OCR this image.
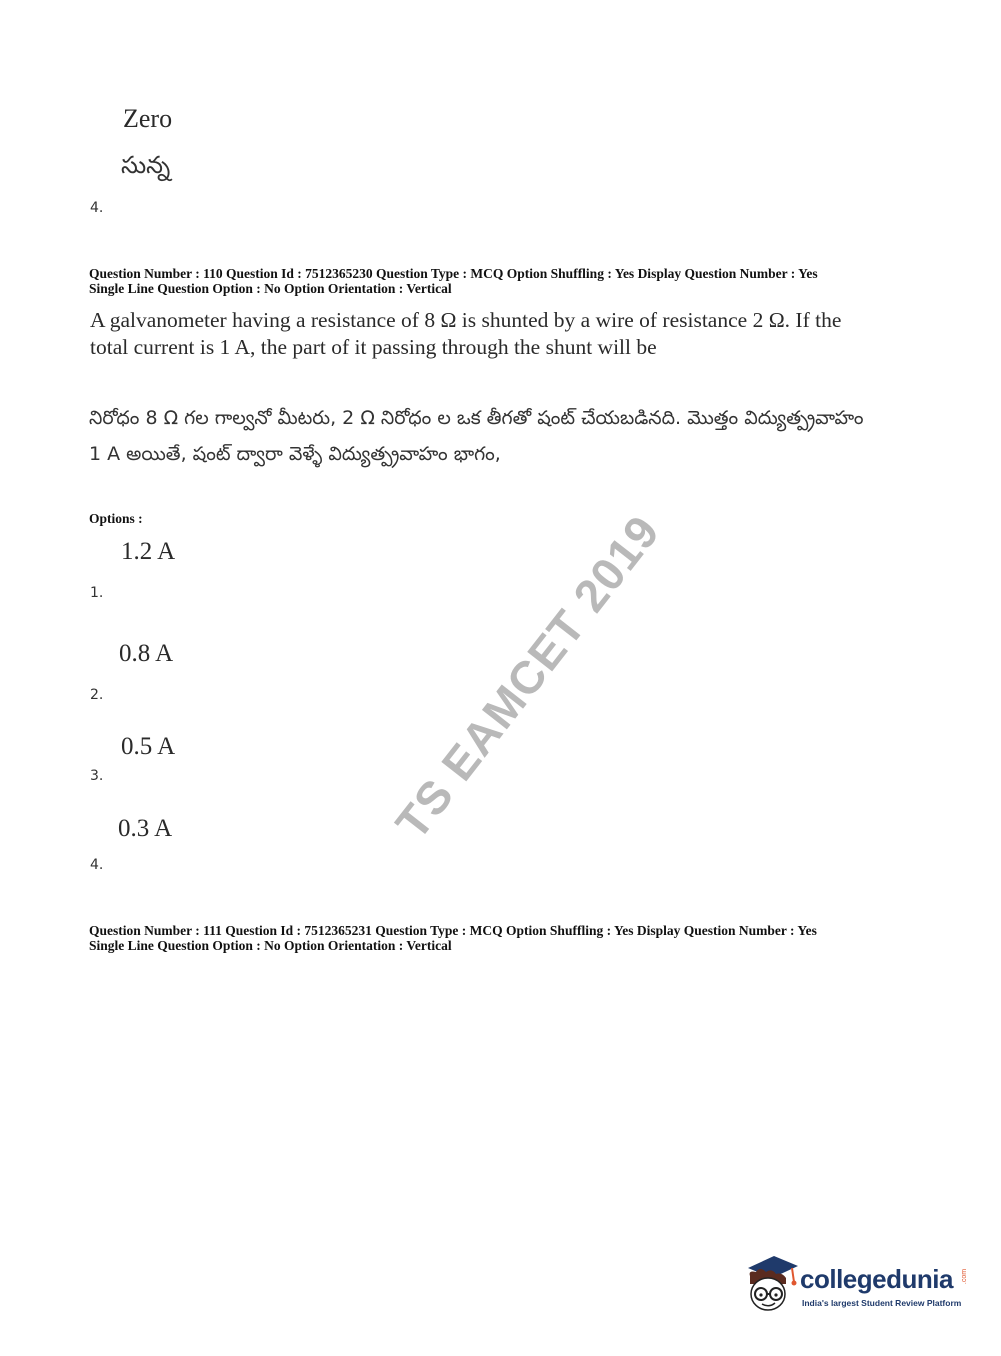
Zero
సున్న
4.
Question Number : 110 Question Id : 7512365230 Question Type : MCQ Option Shuffling : Yes Display Question Number : Yes
Single Line Question Option : No Option Orientation : Vertical
A galvanometer having a resistance of 8 Ω is shunted by a wire of resistance 2 Ω. If the
total current is 1 A, the part of it passing through the shunt will be
నిరోధం 8 Ω గల గాల్వనో మీటరు, 2 Ω నిరోధం ల ఒక తీగతో షంట్ చేయబడినది. మొత్తం విద్యుత్ప్రవాహం
1 A అయితే, షంట్ ద్వారా వెళ్ళే విద్యుత్ప్రవాహం భాగం,
Options :
1.2 A
1.
0.8 A
2.
0.5 A
3.
0.3 A
4.
Question Number : 111 Question Id : 7512365231 Question Type : MCQ Option Shuffling : Yes Display Question Number : Yes
Single Line Question Option : No Option Orientation : Vertical
TS EAMCET 2019
collegedunia .com
India's largest Student Review Platform
